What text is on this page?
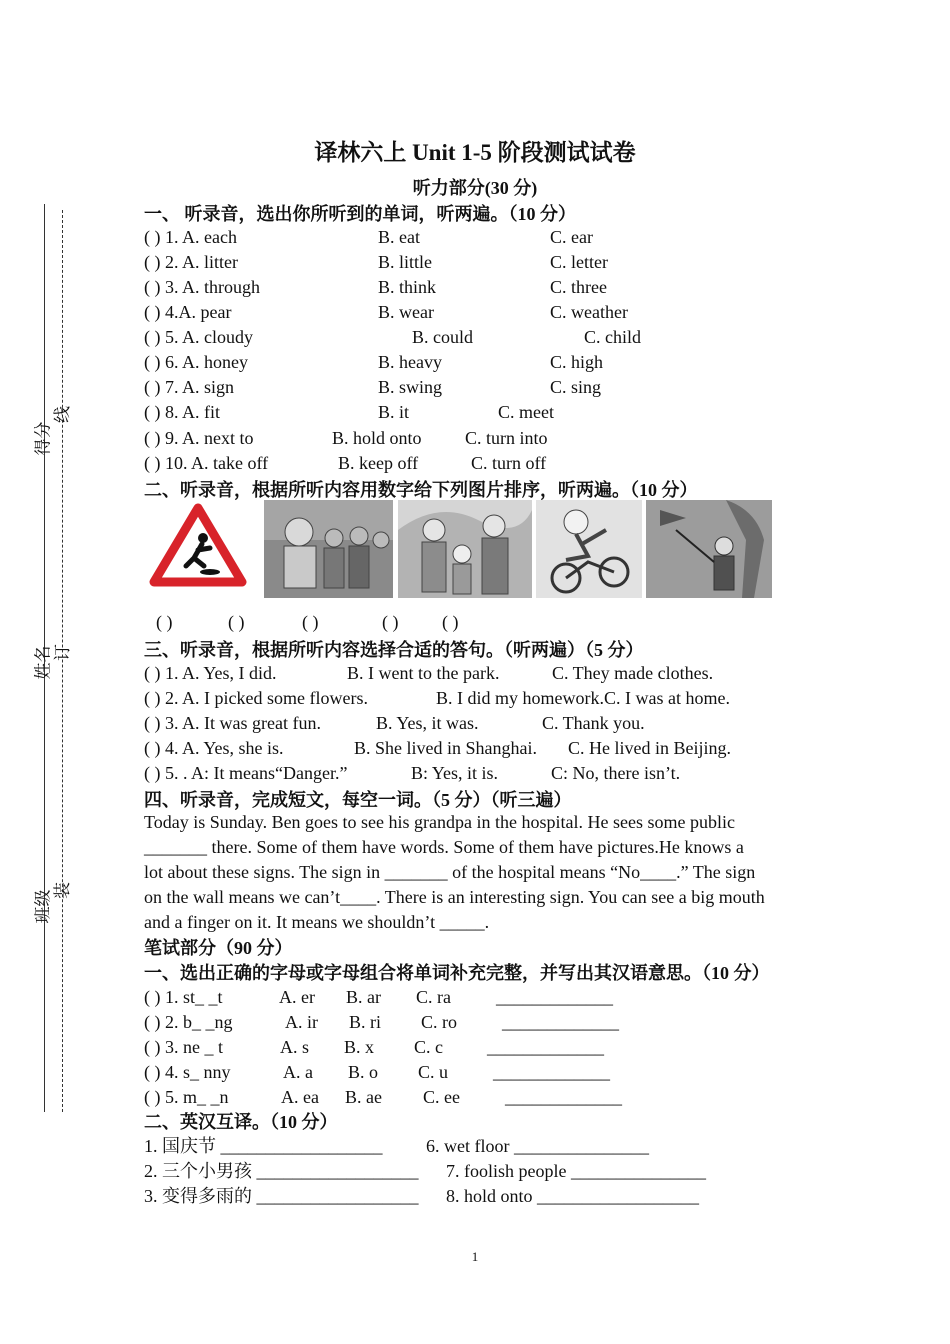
得分
线
姓名 订
班级 装
译林六上 Unit 1-5 阶段测试试卷
听力部分(30 分)
一、 听录音，选出你所听到的单词，听两遍。（10 分）
( ) 1. A. each	B. eat	C. ear
( ) 2. A. litter	B. little	C. letter
( ) 3. A. through	B. think	C. three
( ) 4.A. pear	B. wear	C. weather
( ) 5. A. cloudy	B. could	C. child
( ) 6. A. honey	B. heavy	C. high
( ) 7. A. sign	B. swing	C. sing
( ) 8. A. fit	B. it	C. meet
( ) 9. A. next to	B. hold onto C. turn into
( ) 10. A. take off	B. keep off	C. turn off
二、听录音，根据所听内容用数字给下列图片排序，听两遍。（10 分）
( )	( )	( )	( ) ( )
三、听录音，根据所听内容选择合适的答句。（听两遍）（5 分）
( ) 1. A. Yes, I did.	B. I went to the park.	C. They made clothes.
( ) 2. A. I picked some flowers.	B. I did my homework. C. I was at home.
( ) 3. A. It was great fun.	B. Yes, it was.	C. Thank you.
( ) 4. A. Yes, she is.	B. She lived in Shanghai. C. He lived in Beijing.
( ) 5. . A: It means“Danger.”	B: Yes, it is.	C: No, there isn’t.
四、听录音，完成短文，每空一词。（5 分）（听三遍）

Today is Sunday. Ben goes to see his grandpa in the hospital. He sees some public

_______ there. Some of them have words. Some of them have pictures.He knows a

lot about these signs. The sign in _______ of the hospital means “No____.” The sign

on the wall means we can’t____. There is an interesting sign. You can see a big mouth

and a finger on it. It means we shouldn’t _____.

笔试部分（90 分）
一、选出正确的字母或字母组合将单词补充完整，并写出其汉语意思。（10 分）
( ) 1. st_ _t	A. er B. ar C. ra	_____________
( ) 2. b_ _ng	A. ir B. ri C. ro	_____________
( ) 3. ne _ t	A. s B. x C. c _____________
( ) 4. s_ nny	A. a B. o C. u _____________
( ) 5. m_ _n	A. ea B. ae C. ee	_____________
二、英汉互译。（10 分）
1. 国庆节 __________________ 6. wet floor _______________
2. 三个小男孩 __________________ 7. foolish people _______________
3. 变得多雨的 __________________ 8. hold onto __________________
1
